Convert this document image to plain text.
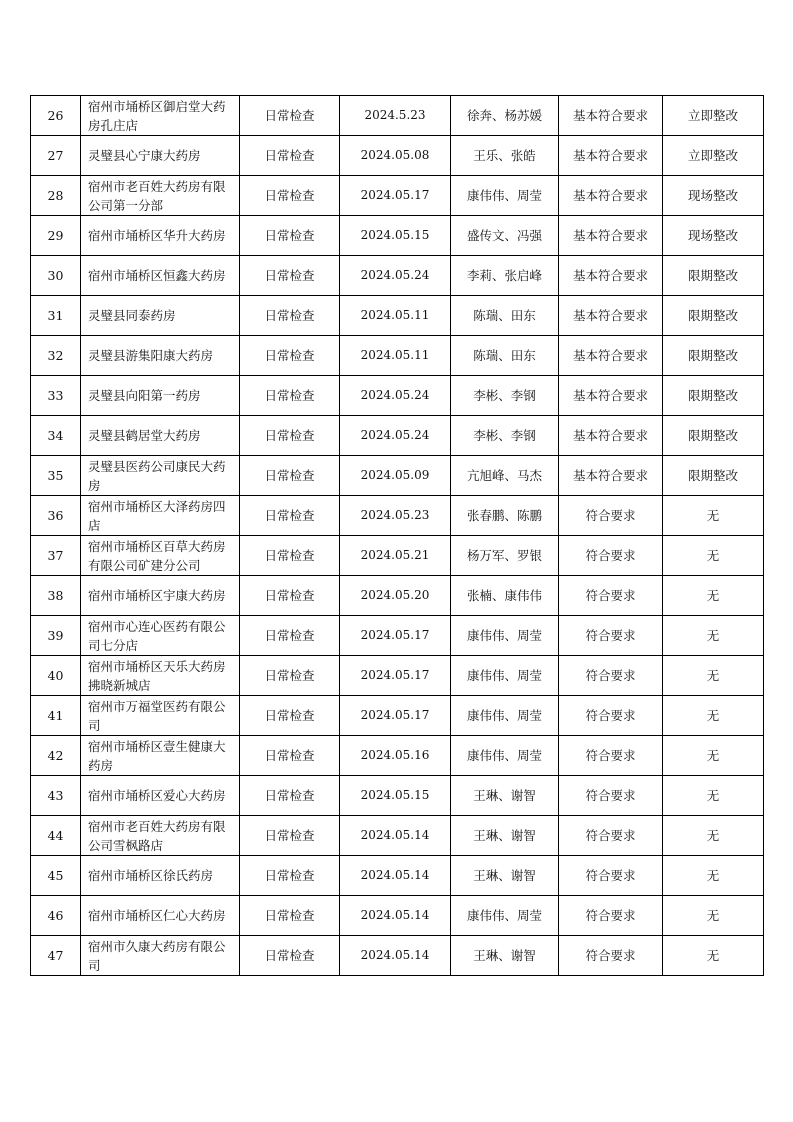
26	宿州市埇桥区御启堂大药房孔庄店	日常检查	2024.5.23	徐奔、杨苏媛	基本符合要求	立即整改
27	灵璧县心宁康大药房	日常检查	2024.05.08	王乐、张皓	基本符合要求	立即整改
28	宿州市老百姓大药房有限公司第一分部	日常检查	2024.05.17	康伟伟、周莹	基本符合要求	现场整改
29	宿州市埇桥区华升大药房	日常检查	2024.05.15	盛传文、冯强	基本符合要求	现场整改
30	宿州市埇桥区恒鑫大药房	日常检查	2024.05.24	李莉、张启峰	基本符合要求	限期整改
31	灵璧县同泰药房	日常检查	2024.05.11	陈瑞、田东	基本符合要求	限期整改
32	灵璧县游集阳康大药房	日常检查	2024.05.11	陈瑞、田东	基本符合要求	限期整改
33	灵璧县向阳第一药房	日常检查	2024.05.24	李彬、李钢	基本符合要求	限期整改
34	灵璧县鹤居堂大药房	日常检查	2024.05.24	李彬、李钢	基本符合要求	限期整改
35	灵璧县医药公司康民大药房	日常检查	2024.05.09	亢旭峰、马杰	基本符合要求	限期整改
36	宿州市埇桥区大泽药房四店	日常检查	2024.05.23	张春鹏、陈鹏	符合要求	无
37	宿州市埇桥区百草大药房有限公司矿建分公司	日常检查	2024.05.21	杨万军、罗银	符合要求	无
38	宿州市埇桥区宇康大药房	日常检查	2024.05.20	张楠、康伟伟	符合要求	无
39	宿州市心连心医药有限公司七分店	日常检查	2024.05.17	康伟伟、周莹	符合要求	无
40	宿州市埇桥区天乐大药房拂晓新城店	日常检查	2024.05.17	康伟伟、周莹	符合要求	无
41	宿州市万福堂医药有限公司	日常检查	2024.05.17	康伟伟、周莹	符合要求	无
42	宿州市埇桥区壹生健康大药房	日常检查	2024.05.16	康伟伟、周莹	符合要求	无
43	宿州市埇桥区爱心大药房	日常检查	2024.05.15	王琳、谢智	符合要求	无
44	宿州市老百姓大药房有限公司雪枫路店	日常检查	2024.05.14	王琳、谢智	符合要求	无
45	宿州市埇桥区徐氏药房	日常检查	2024.05.14	王琳、谢智	符合要求	无
46	宿州市埇桥区仁心大药房	日常检查	2024.05.14	康伟伟、周莹	符合要求	无
47	宿州市久康大药房有限公司	日常检查	2024.05.14	王琳、谢智	符合要求	无
